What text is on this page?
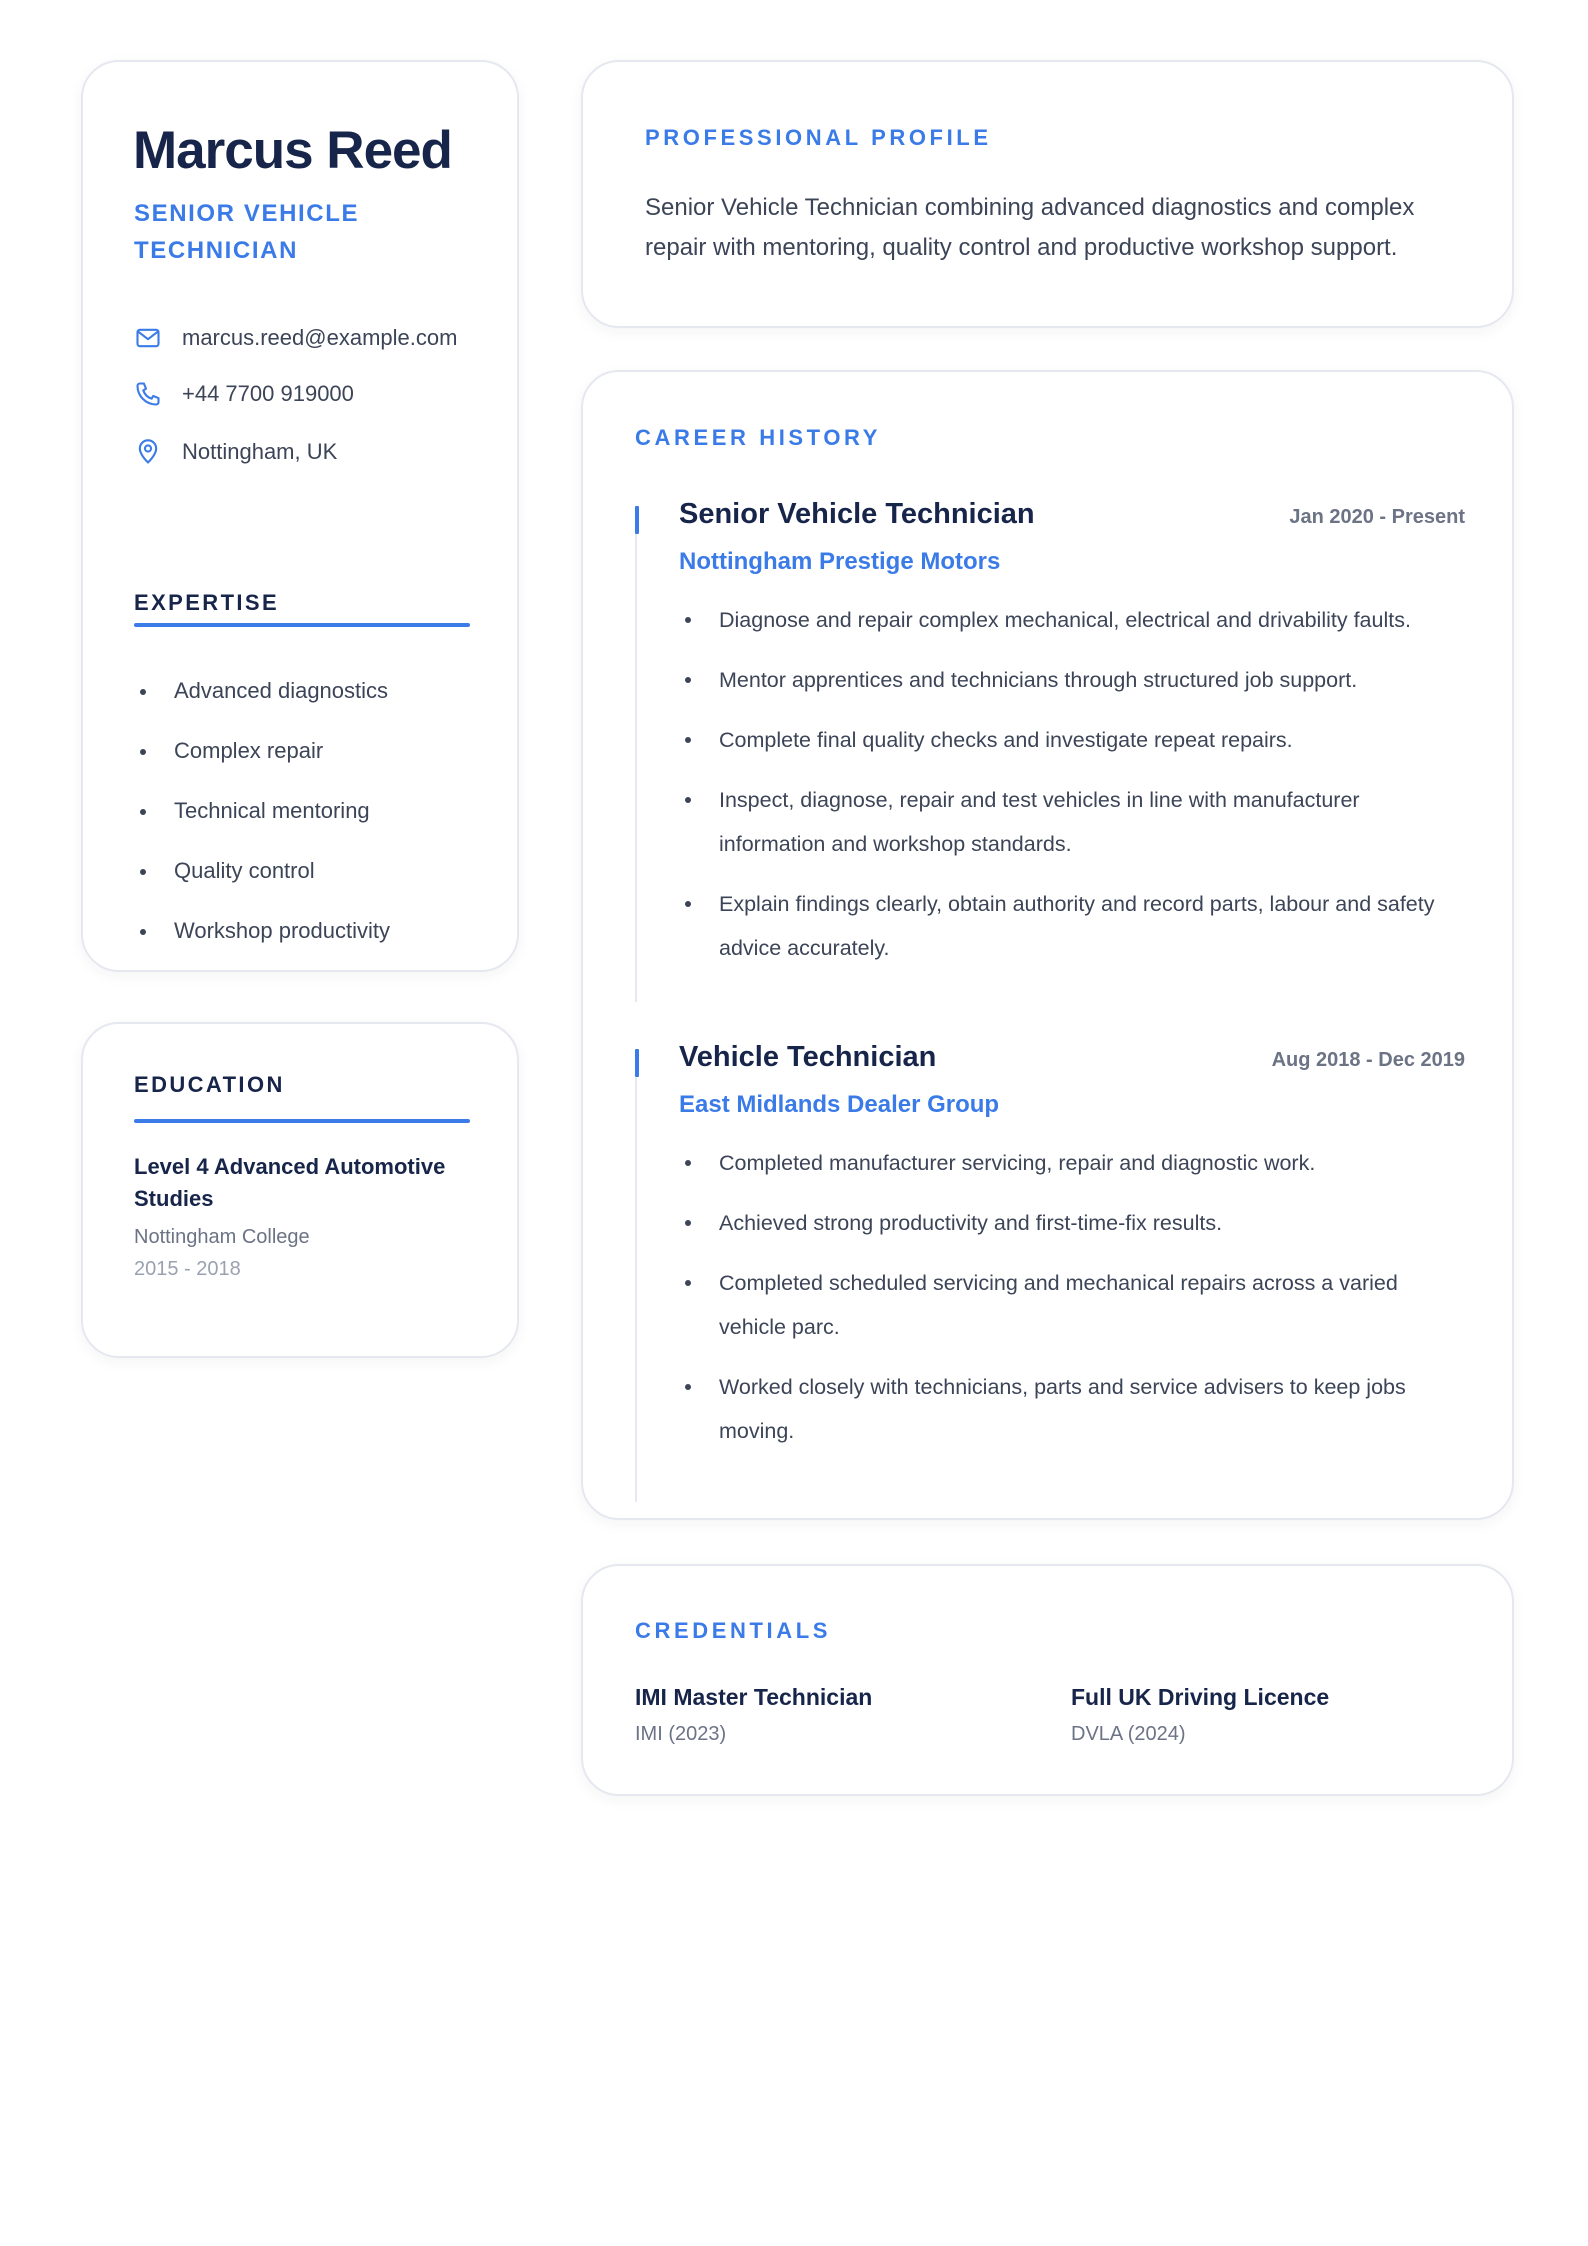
Marcus Reed
SENIOR VEHICLE TECHNICIAN
marcus.reed@example.com
+44 7700 919000
Nottingham, UK
EXPERTISE
Advanced diagnostics
Complex repair
Technical mentoring
Quality control
Workshop productivity
EDUCATION
Level 4 Advanced Automotive Studies
Nottingham College
2015 - 2018
PROFESSIONAL PROFILE
Senior Vehicle Technician combining advanced diagnostics and complex repair with mentoring, quality control and productive workshop support.
CAREER HISTORY
Senior Vehicle Technician	Jan 2020 - Present
Nottingham Prestige Motors
Diagnose and repair complex mechanical, electrical and drivability faults.
Mentor apprentices and technicians through structured job support.
Complete final quality checks and investigate repeat repairs.
Inspect, diagnose, repair and test vehicles in line with manufacturer information and workshop standards.
Explain findings clearly, obtain authority and record parts, labour and safety advice accurately.
Vehicle Technician	Aug 2018 - Dec 2019
East Midlands Dealer Group
Completed manufacturer servicing, repair and diagnostic work.
Achieved strong productivity and first-time-fix results.
Completed scheduled servicing and mechanical repairs across a varied vehicle parc.
Worked closely with technicians, parts and service advisers to keep jobs moving.
CREDENTIALS
IMI Master Technician
IMI (2023)
Full UK Driving Licence
DVLA (2024)
